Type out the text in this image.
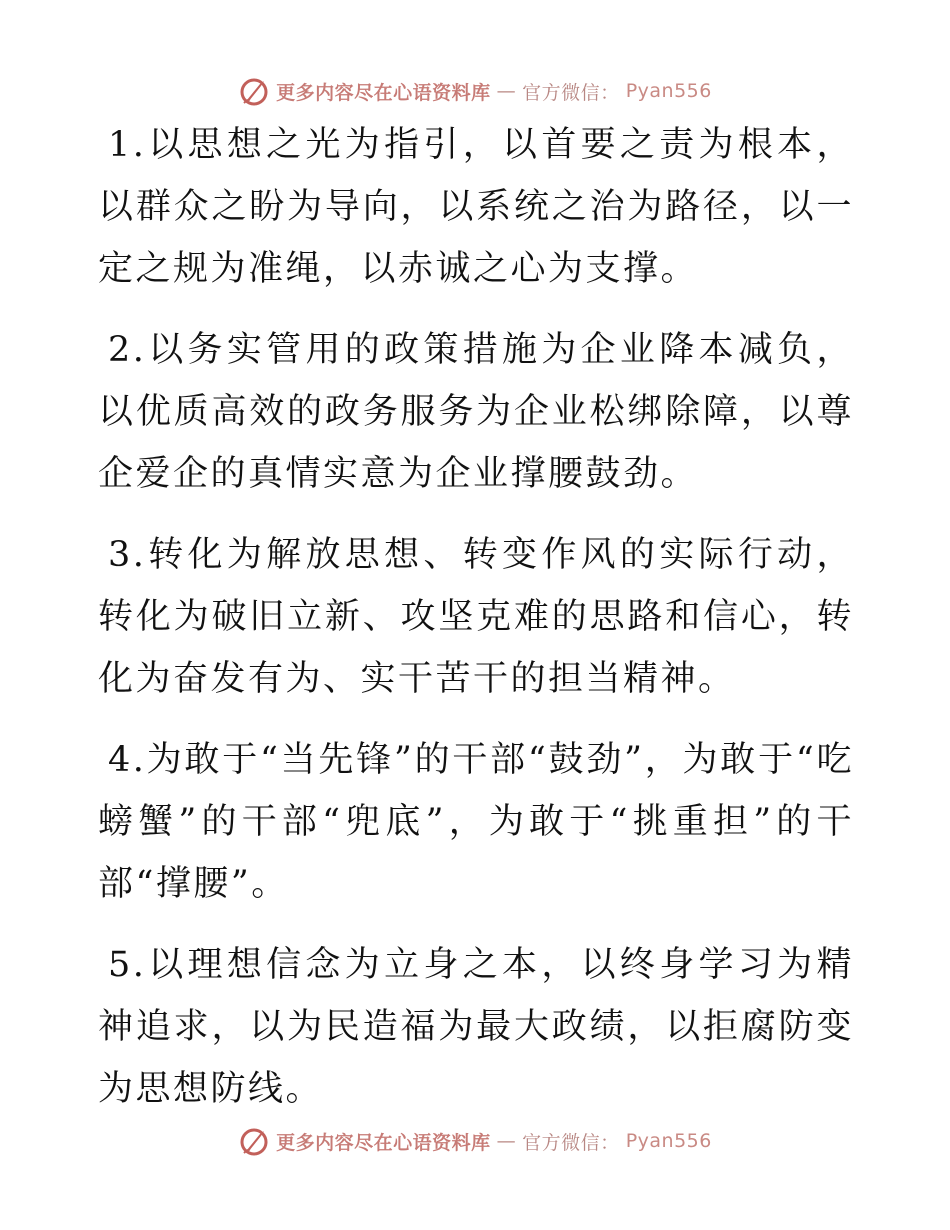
更多内容尽在心语资料库 — 官方微信： Pyan556

1.以思想之光为指引，以首要之责为根本，以群众之盼为导向，以系统之治为路径，以一定之规为准绳，以赤诚之心为支撑。

2.以务实管用的政策措施为企业降本减负，以优质高效的政务服务为企业松绑除障，以尊企爱企的真情实意为企业撑腰鼓劲。

3.转化为解放思想、转变作风的实际行动，转化为破旧立新、攻坚克难的思路和信心，转化为奋发有为、实干苦干的担当精神。

4.为敢于“当先锋”的干部“鼓劲”，为敢于“吃螃蟹”的干部“兜底”，为敢于“挑重担”的干部“撑腰”。

5.以理想信念为立身之本，以终身学习为精神追求，以为民造福为最大政绩，以拒腐防变为思想防线。

更多内容尽在心语资料库 — 官方微信： Pyan556
